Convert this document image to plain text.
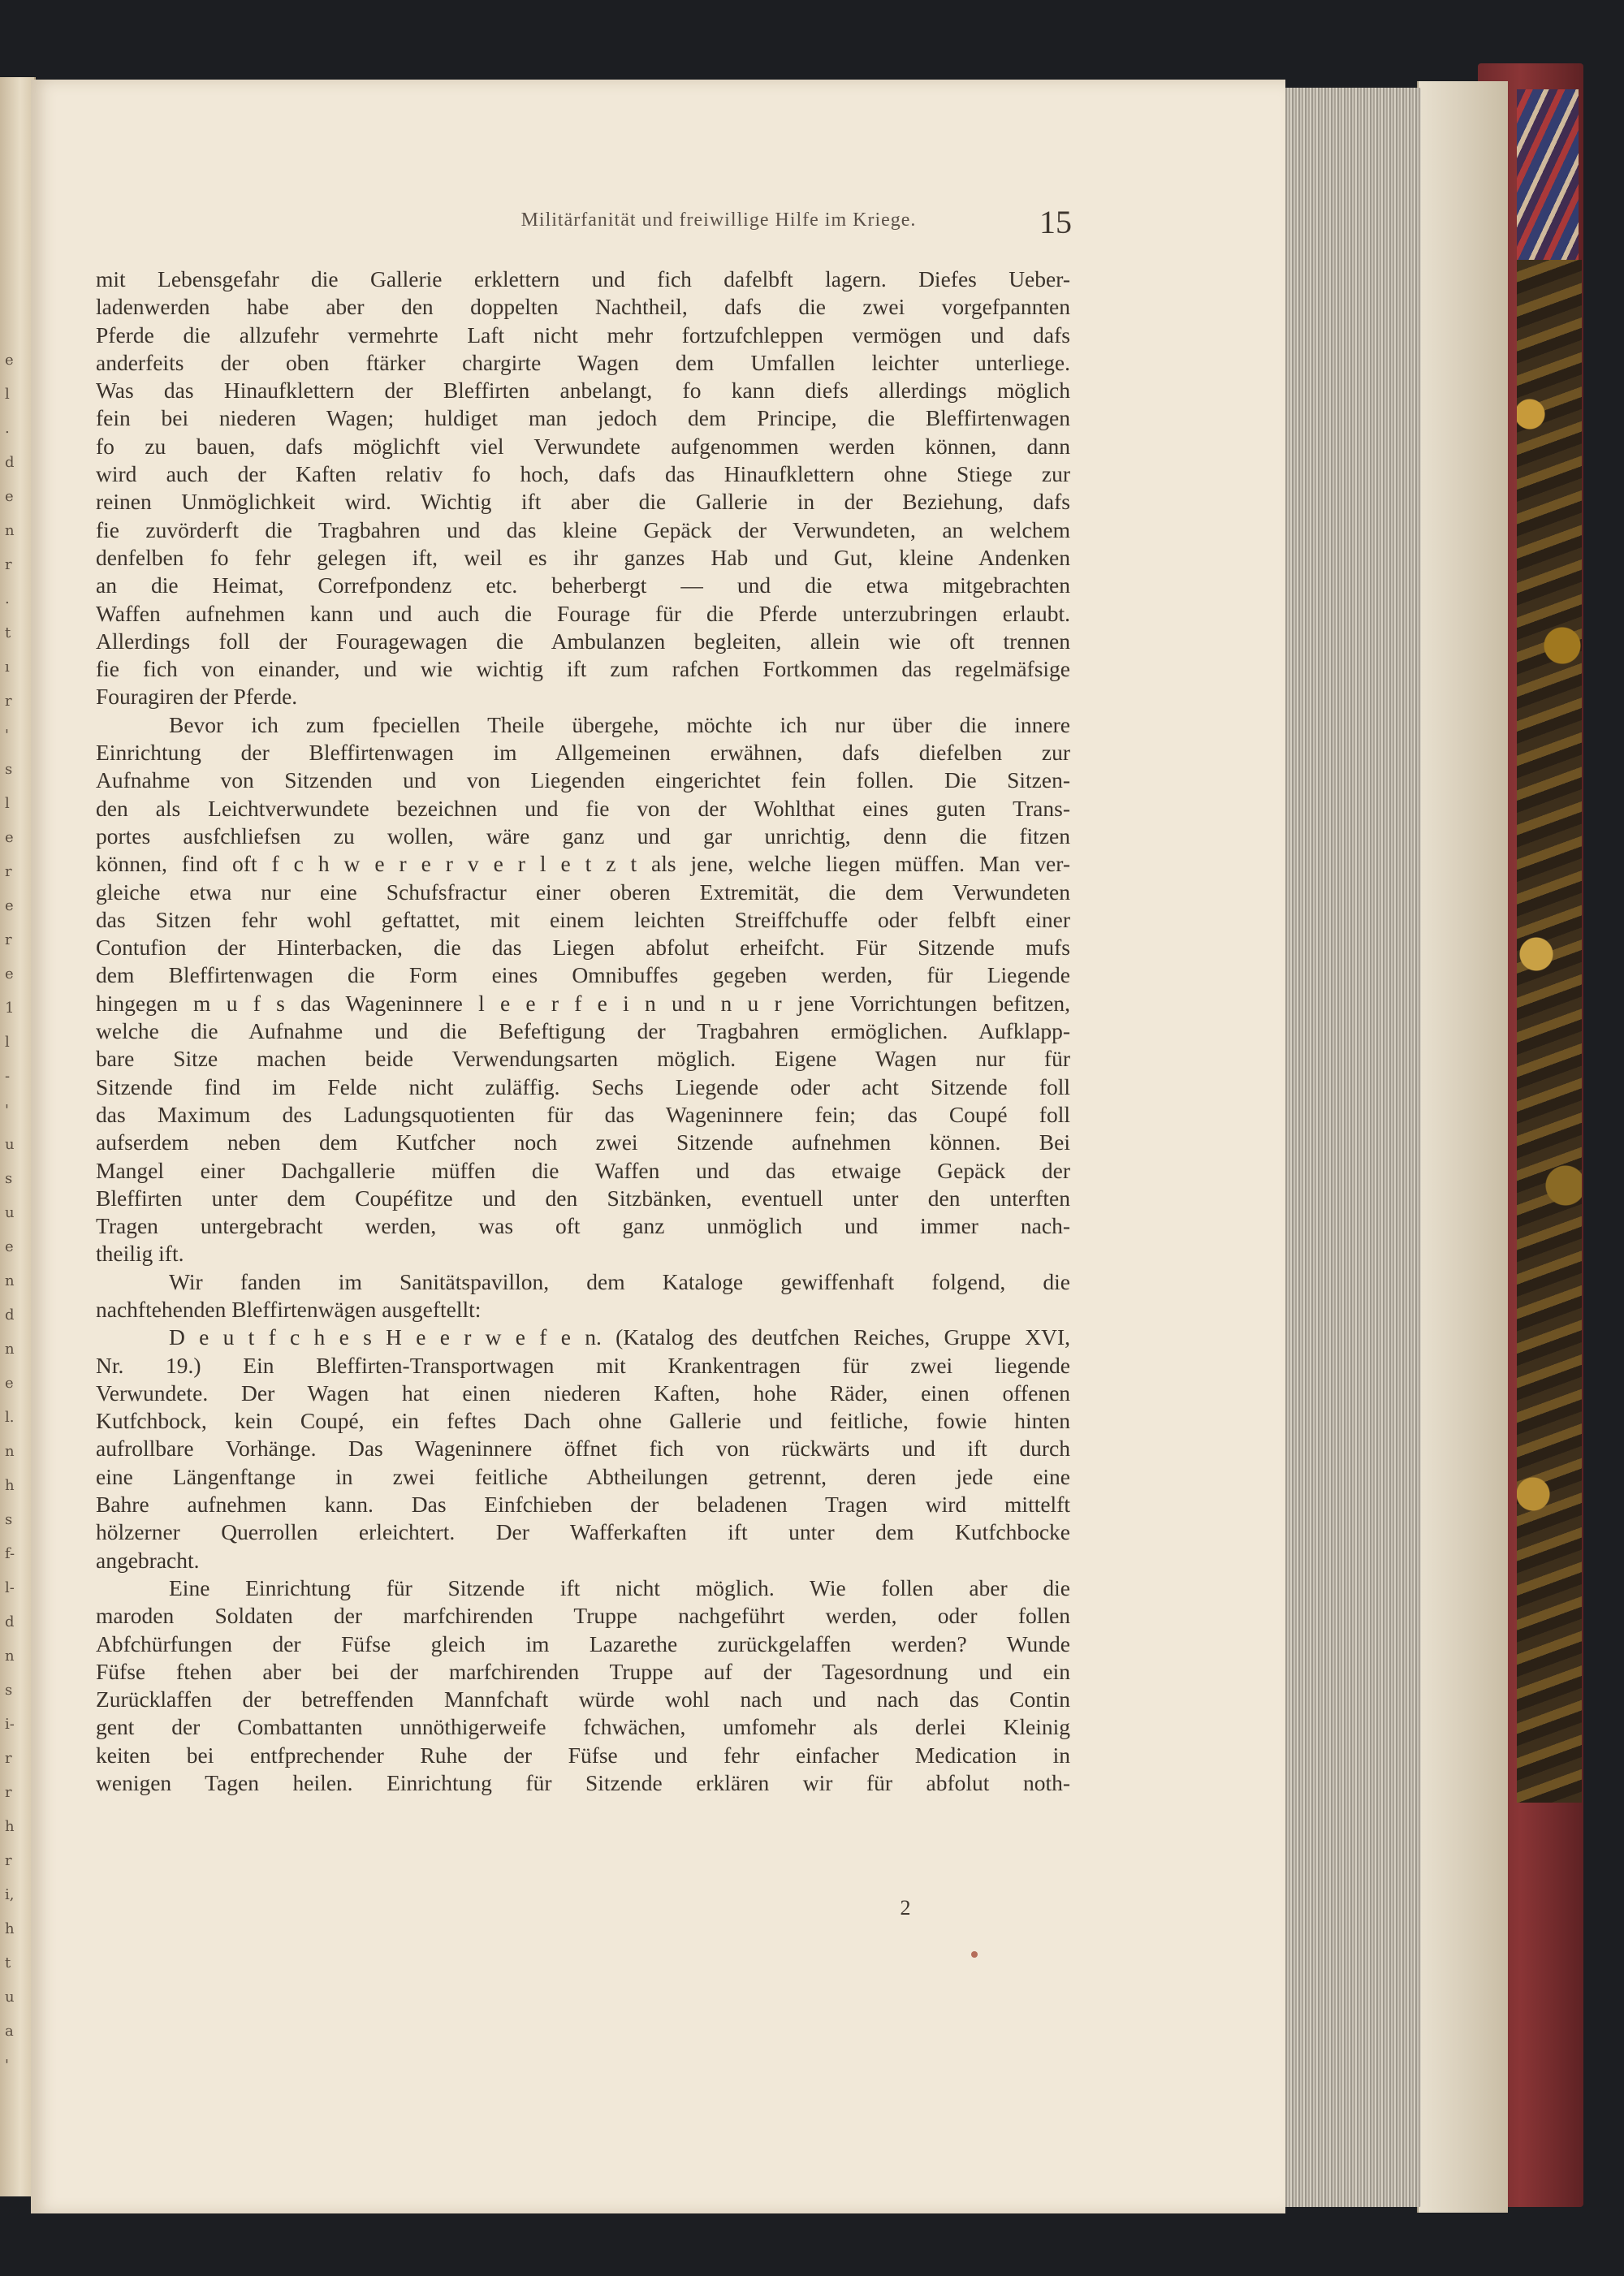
e
l
.
d
e
n
r
.
t
ı
r
'
s
l
e
r
e
r
e
1
l
-
'
u
s
u
e
n
d
n
e
l.
n
h
s
f-
l-
d
n
s
i-
r
r
h
r
i,
h
t
u
a
'
Militärfanität und freiwillige Hilfe im Kriege.	15
mit Lebensgefahr die Gallerie erklettern und fich dafelbft lagern. Diefes Ueber-
ladenwerden habe aber den doppelten Nachtheil, dafs die zwei vorgefpannten
Pferde die allzufehr vermehrte Laft nicht mehr fortzufchleppen vermögen und dafs
anderfeits der oben ftärker chargirte Wagen dem Umfallen leichter unterliege.
Was das Hinaufklettern der Bleffirten anbelangt, fo kann diefs allerdings möglich
fein bei niederen Wagen; huldiget man jedoch dem Principe, die Bleffirtenwagen
fo zu bauen, dafs möglichft viel Verwundete aufgenommen werden können, dann
wird auch der Kaften relativ fo hoch, dafs das Hinaufklettern ohne Stiege zur
reinen Unmöglichkeit wird. Wichtig ift aber die Gallerie in der Beziehung, dafs
fie zuvörderft die Tragbahren und das kleine Gepäck der Verwundeten, an welchem
denfelben fo fehr gelegen ift, weil es ihr ganzes Hab und Gut, kleine Andenken
an die Heimat, Correfpondenz etc. beherbergt — und die etwa mitgebrachten
Waffen aufnehmen kann und auch die Fourage für die Pferde unterzubringen erlaubt.
Allerdings foll der Fouragewagen die Ambulanzen begleiten, allein wie oft trennen
fie fich von einander, und wie wichtig ift zum rafchen Fortkommen das regelmäfsige
Fouragiren der Pferde.
Bevor ich zum fpeciellen Theile übergehe, möchte ich nur über die innere
Einrichtung der Bleffirtenwagen im Allgemeinen erwähnen, dafs diefelben zur
Aufnahme von Sitzenden und von Liegenden eingerichtet fein follen. Die Sitzen-
den als Leichtverwundete bezeichnen und fie von der Wohlthat eines guten Trans-
portes ausfchliefsen zu wollen, wäre ganz und gar unrichtig, denn die fitzen
können, find oft f c h w e r e r v e r l e t z t als jene, welche liegen müffen. Man ver-
gleiche etwa nur eine Schufsfractur einer oberen Extremität, die dem Verwundeten
das Sitzen fehr wohl geftattet, mit einem leichten Streiffchuffe oder felbft einer
Contufion der Hinterbacken, die das Liegen abfolut erheifcht. Für Sitzende mufs
dem Bleffirtenwagen die Form eines Omnibuffes gegeben werden, für Liegende
hingegen m u f s das Wageninnere l e e r f e i n und n u r jene Vorrichtungen befitzen,
welche die Aufnahme und die Befeftigung der Tragbahren ermöglichen. Aufklapp-
bare Sitze machen beide Verwendungsarten möglich. Eigene Wagen nur für
Sitzende find im Felde nicht zuläffig. Sechs Liegende oder acht Sitzende foll
das Maximum des Ladungsquotienten für das Wageninnere fein; das Coupé foll
aufserdem neben dem Kutfcher noch zwei Sitzende aufnehmen können. Bei
Mangel einer Dachgallerie müffen die Waffen und das etwaige Gepäck der
Bleffirten unter dem Coupéfitze und den Sitzbänken, eventuell unter den unterften
Tragen untergebracht werden, was oft ganz unmöglich und immer nach-
theilig ift.
Wir fanden im Sanitätspavillon, dem Kataloge gewiffenhaft folgend, die
nachftehenden Bleffirtenwägen ausgeftellt:
D e u t f c h e s H e e r w e f e n. (Katalog des deutfchen Reiches, Gruppe XVI,
Nr. 19.) Ein Bleffirten-Transportwagen mit Krankentragen für zwei liegende
Verwundete. Der Wagen hat einen niederen Kaften, hohe Räder, einen offenen
Kutfchbock, kein Coupé, ein feftes Dach ohne Gallerie und feitliche, fowie hinten
aufrollbare Vorhänge. Das Wageninnere öffnet fich von rückwärts und ift durch
eine Längenftange in zwei feitliche Abtheilungen getrennt, deren jede eine
Bahre aufnehmen kann. Das Einfchieben der beladenen Tragen wird mittelft
hölzerner Querrollen erleichtert. Der Wafferkaften ift unter dem Kutfchbocke
angebracht.
Eine Einrichtung für Sitzende ift nicht möglich. Wie follen aber die
maroden Soldaten der marfchirenden Truppe nachgeführt werden, oder follen
Abfchürfungen der Füfse gleich im Lazarethe zurückgelaffen werden? Wunde
Füfse ftehen aber bei der marfchirenden Truppe auf der Tagesordnung und ein
Zurücklaffen der betreffenden Mannfchaft würde wohl nach und nach das Contin
gent der Combattanten unnöthigerweife fchwächen, umfomehr als derlei Kleinig
keiten bei entfprechender Ruhe der Füfse und fehr einfacher Medication in
wenigen Tagen heilen. Einrichtung für Sitzende erklären wir für abfolut noth-
2
